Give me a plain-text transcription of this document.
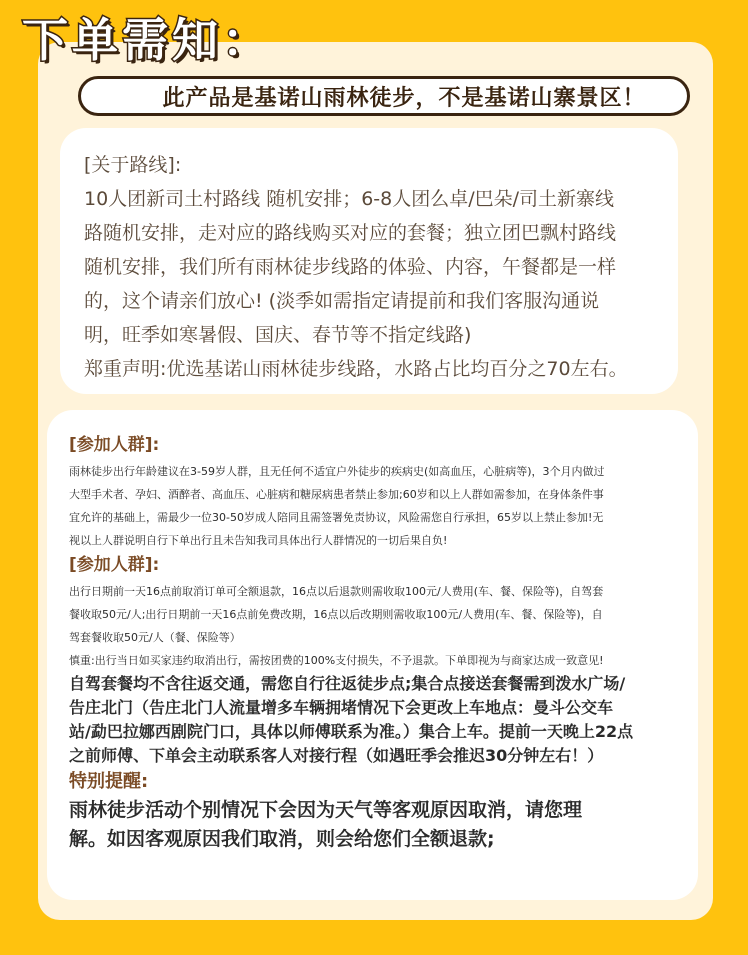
下单需知：
此产品是基诺山雨林徒步，不是基诺山寨景区！
[关于路线]:
10人团新司土村路线 随机安排；6-8人团么卓/巴朵/司土新寨线
路随机安排，走对应的路线购买对应的套餐；独立团巴飘村路线
随机安排，我们所有雨林徒步线路的体验、内容，午餐都是一样
的，这个请亲们放心! (淡季如需指定请提前和我们客服沟通说
明，旺季如寒暑假、国庆、春节等不指定线路)
郑重声明:优选基诺山雨林徒步线路，水路占比均百分之70左右。
[参加人群]:
雨林徒步出行年龄建议在3-59岁人群，且无任何不适宜户外徒步的疾病史(如高血压，心脏病等)，3个月内做过
大型手术者、孕妇、酒醉者、高血压、心脏病和糖尿病患者禁止参加;60岁和以上人群如需参加，在身体条件事
宜允许的基础上，需最少一位30-50岁成人陪同且需签署免责协议，风险需您自行承担，65岁以上禁止参加!无
视以上人群说明自行下单出行且未告知我司具体出行人群情况的一切后果自负!
[参加人群]:
出行日期前一天16点前取消订单可全额退款，16点以后退款则需收取100元/人费用(车、餐、保险等)，自驾套
餐收取50元/人;出行日期前一天16点前免费改期，16点以后改期则需收取100元/人费用(车、餐、保险等)，自
驾套餐收取50元/人（餐、保险等）
慎重:出行当日如买家违约取消出行，需按团费的100%支付损失，不予退款。下单即视为与商家达成一致意见!
自驾套餐均不含往返交通，需您自行往返徒步点;集合点接送套餐需到泼水广场/
告庄北门（告庄北门人流量增多车辆拥堵情况下会更改上车地点：曼斗公交车
站/勐巴拉娜西剧院门口，具体以师傅联系为准。）集合上车。提前一天晚上22点
之前师傅、下单会主动联系客人对接行程（如遇旺季会推迟30分钟左右！）
特别提醒:
雨林徒步活动个别情况下会因为天气等客观原因取消，请您理
解。如因客观原因我们取消，则会给您们全额退款;
